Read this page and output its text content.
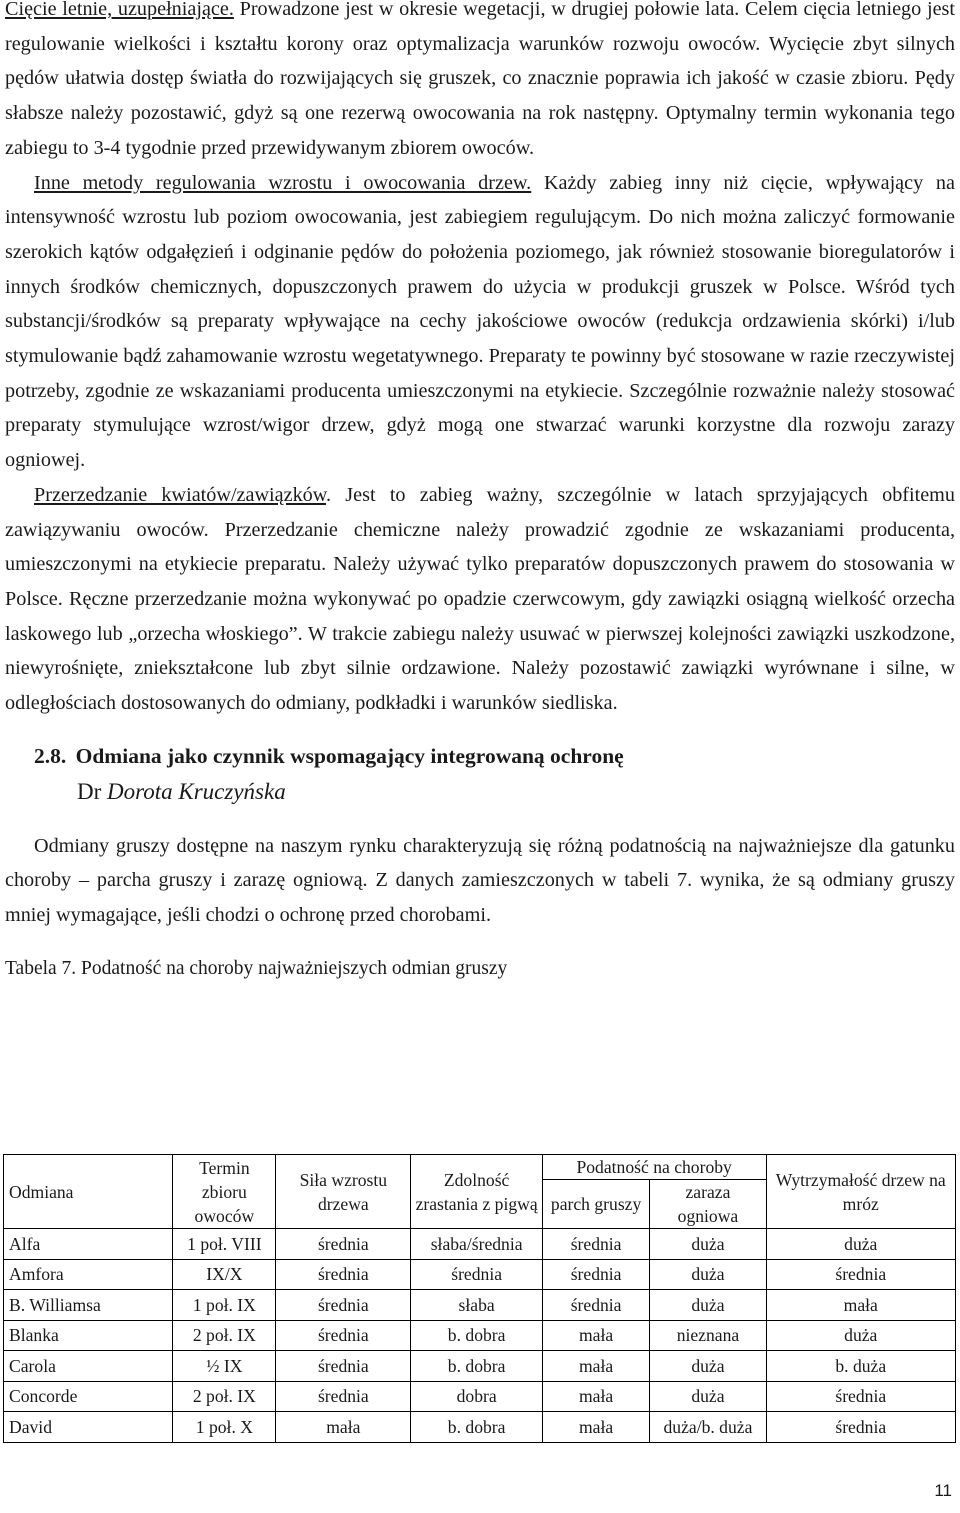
Cięcie letnie, uzupełniające. Prowadzone jest w okresie wegetacji, w drugiej połowie lata. Celem cięcia letniego jest regulowanie wielkości i kształtu korony oraz optymalizacja warunków rozwoju owoców. Wycięcie zbyt silnych pędów ułatwia dostęp światła do rozwijających się gruszek, co znacznie poprawia ich jakość w czasie zbioru. Pędy słabsze należy pozostawić, gdyż są one rezerwą owocowania na rok następny. Optymalny termin wykonania tego zabiegu to 3-4 tygodnie przed przewidywanym zbiorem owoców.

Inne metody regulowania wzrostu i owocowania drzew. Każdy zabieg inny niż cięcie, wpływający na intensywność wzrostu lub poziom owocowania, jest zabiegiem regulującym. Do nich można zaliczyć formowanie szerokich kątów odgałęzień i odginanie pędów do położenia poziomego, jak również stosowanie bioregulatorów i innych środków chemicznych, dopuszczonych prawem do użycia w produkcji gruszek w Polsce. Wśród tych substancji/środków są preparaty wpływające na cechy jakościowe owoców (redukcja ordzawienia skórki) i/lub stymulowanie bądź zahamowanie wzrostu wegetatywnego. Preparaty te powinny być stosowane w razie rzeczywistej potrzeby, zgodnie ze wskazaniami producenta umieszczonymi na etykiecie. Szczególnie rozważnie należy stosować preparaty stymulujące wzrost/wigor drzew, gdyż mogą one stwarzać warunki korzystne dla rozwoju zarazy ogniowej.

Przerzedzanie kwiatów/zawiązków. Jest to zabieg ważny, szczególnie w latach sprzyjających obfitemu zawiązywaniu owoców. Przerzedzanie chemiczne należy prowadzić zgodnie ze wskazaniami producenta, umieszczonymi na etykiecie preparatu. Należy używać tylko preparatów dopuszczonych prawem do stosowania w Polsce. Ręczne przerzedzanie można wykonywać po opadzie czerwcowym, gdy zawiązki osiągną wielkość orzecha laskowego lub „orzecha włoskiego”. W trakcie zabiegu należy usuwać w pierwszej kolejności zawiązki uszkodzone, niewyrośnięte, zniekształcone lub zbyt silnie ordzawione. Należy pozostawić zawiązki wyrównane i silne, w odległościach dostosowanych do odmiany, podkładki i warunków siedliska.

2.8. Odmiana jako czynnik wspomagający integrowaną ochronę

Dr Dorota Kruczyńska

Odmiany gruszy dostępne na naszym rynku charakteryzują się różną podatnością na najważniejsze dla gatunku choroby – parcha gruszy i zarazę ogniową. Z danych zamieszczonych w tabeli 7. wynika, że są odmiany gruszy mniej wymagające, jeśli chodzi o ochronę przed chorobami.

Tabela 7. Podatność na choroby najważniejszych odmian gruszy

Odmiana	Termin zbioru owoców	Siła wzrostu drzewa	Zdolność zrastania z pigwą	Podatność na choroby		Wytrzymałość drzew na mróz
				parch gruszy	zaraza ogniowa	
Alfa	1 poł. VIII	średnia	słaba/średnia	średnia	duża	duża
Amfora	IX/X	średnia	średnia	średnia	duża	średnia
B. Williamsa	1 poł. IX	średnia	słaba	średnia	duża	mała
Blanka	2 poł. IX	średnia	b. dobra	mała	nieznana	duża
Carola	½ IX	średnia	b. dobra	mała	duża	b. duża
Concorde	2 poł. IX	średnia	dobra	mała	duża	średnia
David	1 poł. X	mała	b. dobra	mała	duża/b. duża	średnia
11
